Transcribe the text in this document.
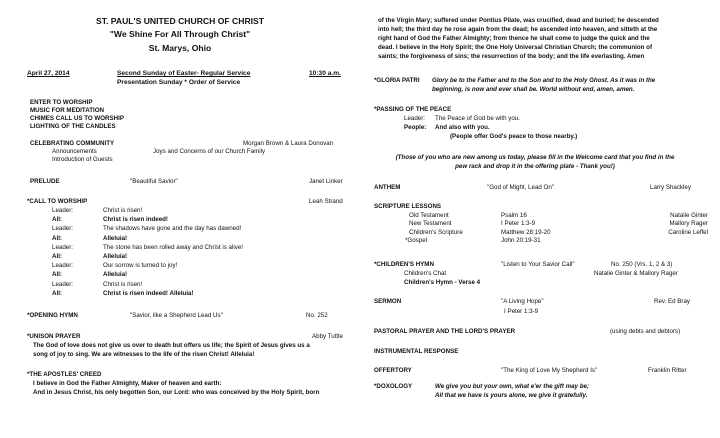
ST. PAUL'S UNITED CHURCH OF CHRIST
"We Shine For All Through Christ"
St. Marys, Ohio
April 27, 2014	Second Sunday of Easter- Regular Service	10:30 a.m.
Presentation Sunday * Order of Service
ENTER TO WORSHIP
MUSIC FOR MEDITATION
CHIMES CALL US TO WORSHIP
LIGHTING OF THE CANDLES
CELEBRATING COMMUNITY	Morgan Brown & Laura Donovan
Announcements	Joys and Concerns of our Church Family
Introduction of Guests
PRELUDE	"Beautiful Savior"	Janet Linker
*CALL TO WORSHIP	Leah Strand
Leader:	Christ is risen!
All:	Christ is risen indeed!
Leader:	The shadows have gone and the day has dawned!
All:	Alleluia!
Leader:	The stone has been rolled away and Christ is alive!
All:	Alleluia!
Leader:	Our sorrow is turned to joy!
All:	Alleluia!
Leader:	Christ is risen!
All:	Christ is risen indeed! Alleluia!
*OPENING HYMN	"Savior, like a Shepherd Lead Us"	No. 252
*UNISON PRAYER	Abby Tuttle
The God of love does not give us over to death but offers us life; the Spirit of Jesus gives us a
song of joy to sing. We are witnesses to the life of the risen Christ! Alleluia!
*THE APOSTLES' CREED
I believe in God the Father Almighty, Maker of heaven and earth:
And in Jesus Christ, his only begotten Son, our Lord: who was conceived by the Holy Spirit, born
of the Virgin Mary; suffered under Pontius Pilate, was crucified, dead and buried; he descended
into hell; the third day he rose again from the dead; he ascended into heaven, and sitteth at the
right hand of God the Father Almighty; from thence he shall come to judge the quick and the
dead. I believe in the Holy Spirit; the One Holy Universal Christian Church; the communion of
saints; the forgiveness of sins; the resurrection of the body; and the life everlasting. Amen
*GLORIA PATRI Glory be to the Father and to the Son and to the Holy Ghost. As it was in the
beginning, is now and ever shall be. World without end, amen, amen.
*PASSING OF THE PEACE
Leader: The Peace of God be with you.
People: And also with you.
(People offer God's peace to those nearby.)
(Those of you who are new among us today, please fill in the Welcome card that you find in the
pew rack and drop it in the offering plate - Thank you!)
ANTHEM	"God of Might, Lead On"	Larry Shackley
SCRIPTURE LESSONS
Old Testament	Psalm 16	Natalie Ginter
New Testament	I Peter 1:3-9	Mallory Rager
Children's Scripture	Matthew 28:19-20	Caroline Leffel
*Gospel	John 20:19-31
*CHILDREN'S HYMN	"Listen to Your Savior Call"	No. 250 (Vrs. 1, 2 & 3)
Children's Chat	Natalie Ginter & Mallory Rager
Children's Hymn - Verse 4
SERMON	"A Living Hope"	Rev. Ed Bray
I Peter 1:3-9
PASTORAL PRAYER AND THE LORD'S PRAYER	(using debts and debtors)
INSTRUMENTAL RESPONSE
OFFERTORY	"The King of Love My Shepherd Is"	Franklin Ritter
*DOXOLOGY	We give you but your own, what e'er the gift may be;
All that we have is yours alone, we give it gratefully.
